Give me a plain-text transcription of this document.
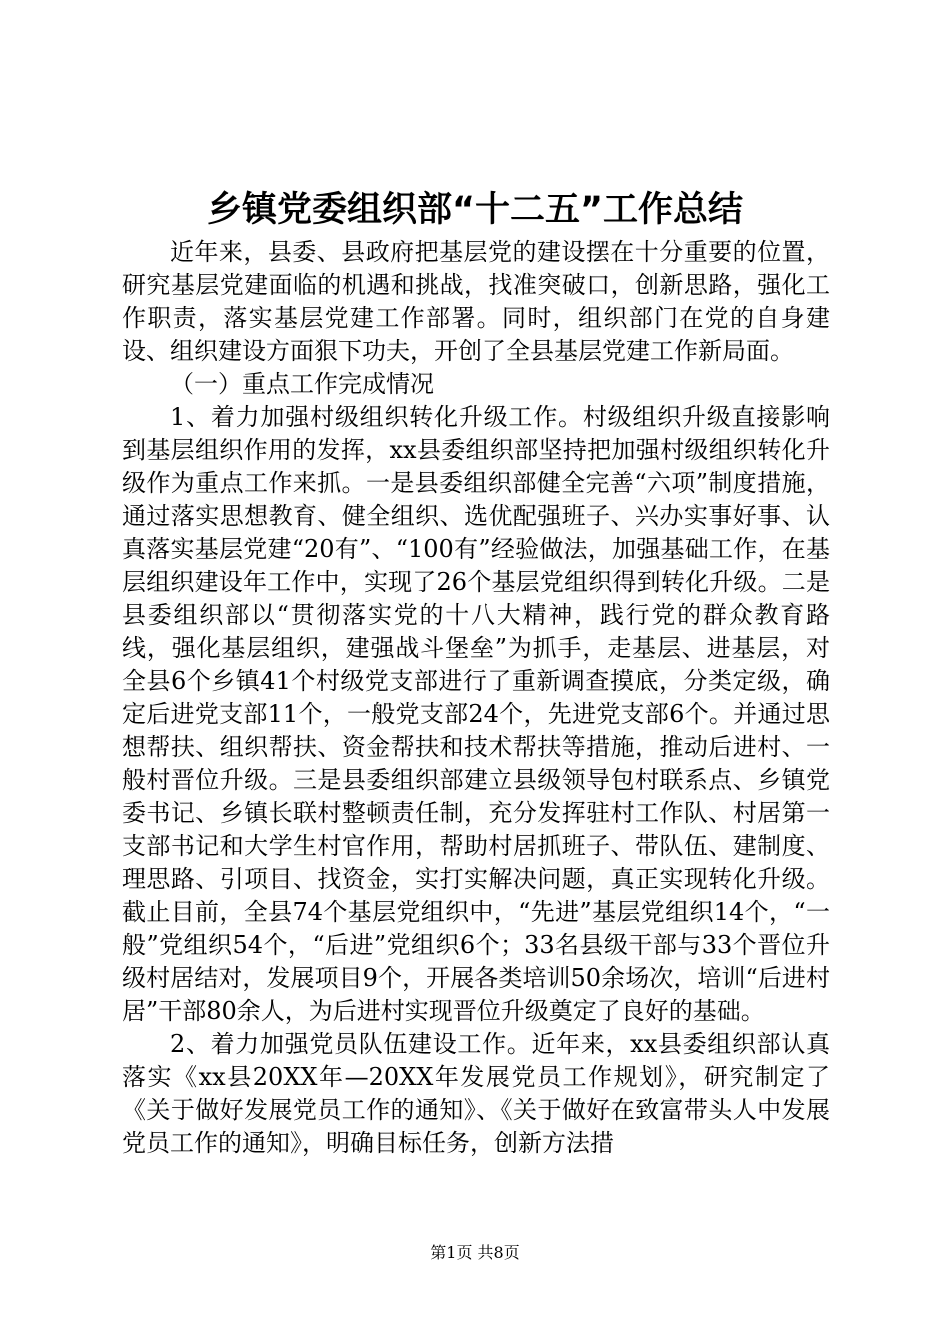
乡镇党委组织部“十二五”工作总结

近年来，县委、县政府把基层党的建设摆在十分重要的位置，研究基层党建面临的机遇和挑战，找准突破口，创新思路，强化工作职责，落实基层党建工作部署。同时，组织部门在党的自身建设、组织建设方面狠下功夫，开创了全县基层党建工作新局面。

（一）重点工作完成情况

1、着力加强村级组织转化升级工作。村级组织升级直接影响到基层组织作用的发挥，xx县委组织部坚持把加强村级组织转化升级作为重点工作来抓。一是县委组织部健全完善“六项”制度措施，通过落实思想教育、健全组织、选优配强班子、兴办实事好事、认真落实基层党建“20有”、“100有”经验做法，加强基础工作，在基层组织建设年工作中，实现了26个基层党组织得到转化升级。二是县委组织部以“贯彻落实党的十八大精神，践行党的群众教育路线，强化基层组织，建强战斗堡垒”为抓手，走基层、进基层，对全县6个乡镇41个村级党支部进行了重新调查摸底，分类定级，确定后进党支部11个，一般党支部24个，先进党支部6个。并通过思想帮扶、组织帮扶、资金帮扶和技术帮扶等措施，推动后进村、一般村晋位升级。三是县委组织部建立县级领导包村联系点、乡镇党委书记、乡镇长联村整顿责任制，充分发挥驻村工作队、村居第一支部书记和大学生村官作用，帮助村居抓班子、带队伍、建制度、理思路、引项目、找资金，实打实解决问题，真正实现转化升级。截止目前，全县74个基层党组织中，“先进”基层党组织14个，“一般”党组织54个，“后进”党组织6个；33名县级干部与33个晋位升级村居结对，发展项目9个，开展各类培训50余场次，培训“后进村居”干部80余人，为后进村实现晋位升级奠定了良好的基础。

2、着力加强党员队伍建设工作。近年来，xx县委组织部认真落实《xx县20XX年—20XX年发展党员工作规划》，研究制定了《关于做好发展党员工作的通知》、《关于做好在致富带头人中发展党员工作的通知》，明确目标任务，创新方法措

第1页 共8页
